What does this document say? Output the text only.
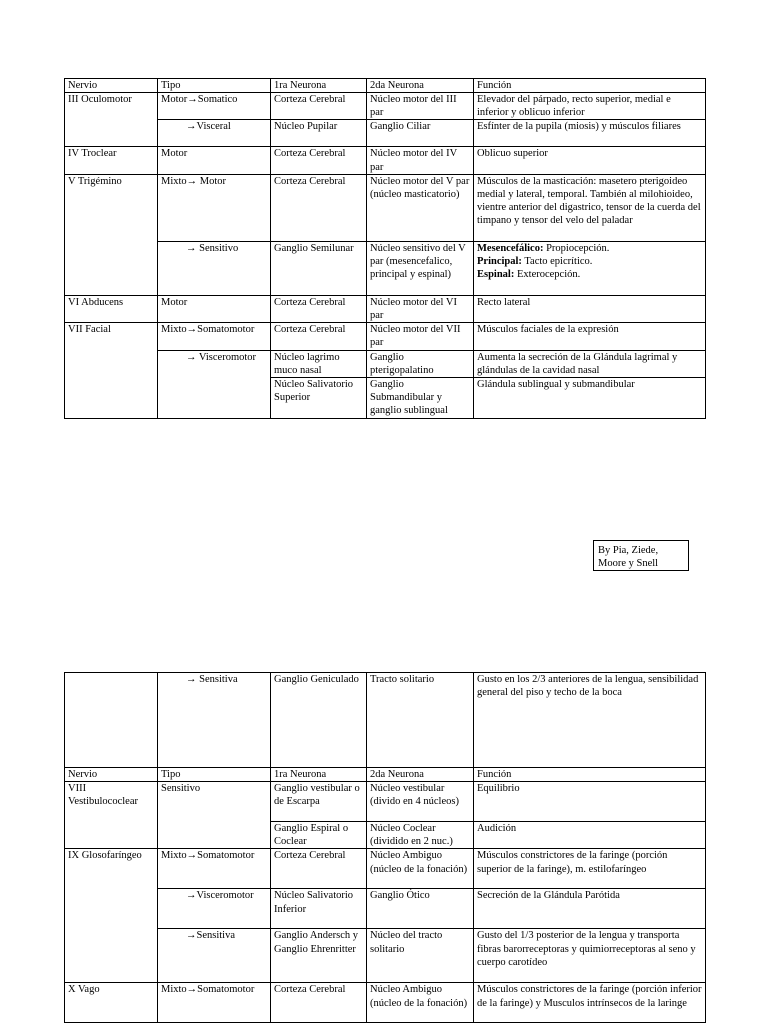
Nervio	Tipo	1ra Neurona	2da Neurona	Función
III Oculomotor	Motor→Somatico	Corteza Cerebral	Núcleo motor del III par	Elevador del párpado, recto superior, medial e inferior y oblicuo inferior
	→Visceral	Núcleo Pupilar	Ganglio Ciliar	Esfínter de la pupila (miosis) y músculos filiares
IV Troclear	Motor	Corteza Cerebral	Núcleo motor del IV par	Oblicuo superior
V Trigémino	Mixto→ Motor	Corteza Cerebral	Núcleo motor del V par (núcleo masticatorio)	Músculos de la masticación: masetero pterigoideo medial y lateral, temporal. También al milohioideo, vientre anterior del digastrico, tensor de la cuerda del timpano y tensor del velo del paladar
	→ Sensitivo	Ganglio Semilunar	Núcleo sensitivo del V par (mesencefalico, principal y espinal)	Mesencefálico: Propiocepción.
Principal: Tacto epicrítico.
Espinal: Exterocepción.

VI Abducens	Motor	Corteza Cerebral	Núcleo motor del VI par	Recto lateral
VII Facial	Mixto→Somatomotor	Corteza Cerebral	Núcleo motor del VII par	Músculos faciales de la expresión
	→ Visceromotor	Núcleo lagrimo muco nasal	Ganglio pterigopalatino	Aumenta la secreción de la Glándula lagrimal y glándulas de la cavidad nasal
		Núcleo Salivatorio Superior	Ganglio Submandibular y ganglio sublingual	Glándula sublingual y submandibular
By Pia, Ziede, Moore y Snell
	→ Sensitiva	Ganglio Geniculado	Tracto solitario	Gusto en los 2/3 anteriores de la lengua, sensibilidad general del piso y techo de la boca
Nervio	Tipo	1ra Neurona	2da Neurona	Función
VIII Vestibulococlear	Sensitivo	Ganglio vestibular o de Escarpa	Núcleo vestibular (divido en 4 núcleos)	Equilibrio
		Ganglio Espiral o Coclear	Núcleo Coclear (dividido en 2 nuc.)	Audición
IX Glosofaríngeo	Mixto→Somatomotor	Corteza Cerebral	Núcleo Ambiguo (núcleo de la fonación)	Músculos constrictores de la faringe (porción superior de la faringe), m. estilofaríngeo
	→Visceromotor	Núcleo Salivatorio Inferior	Ganglio Ótico	Secreción de la Glándula Parótida
	→Sensitiva	Ganglio Andersch y Ganglio Ehrenritter	Núcleo del tracto solitario	Gusto del 1/3 posterior de la lengua y transporta fibras barorreceptoras y quimiorreceptoras al seno y cuerpo carotídeo
X Vago	Mixto→Somatomotor	Corteza Cerebral	Núcleo Ambiguo (núcleo de la fonación)	Músculos constrictores de la faringe (porción inferior de la faringe) y Musculos intrínsecos de la laringe
